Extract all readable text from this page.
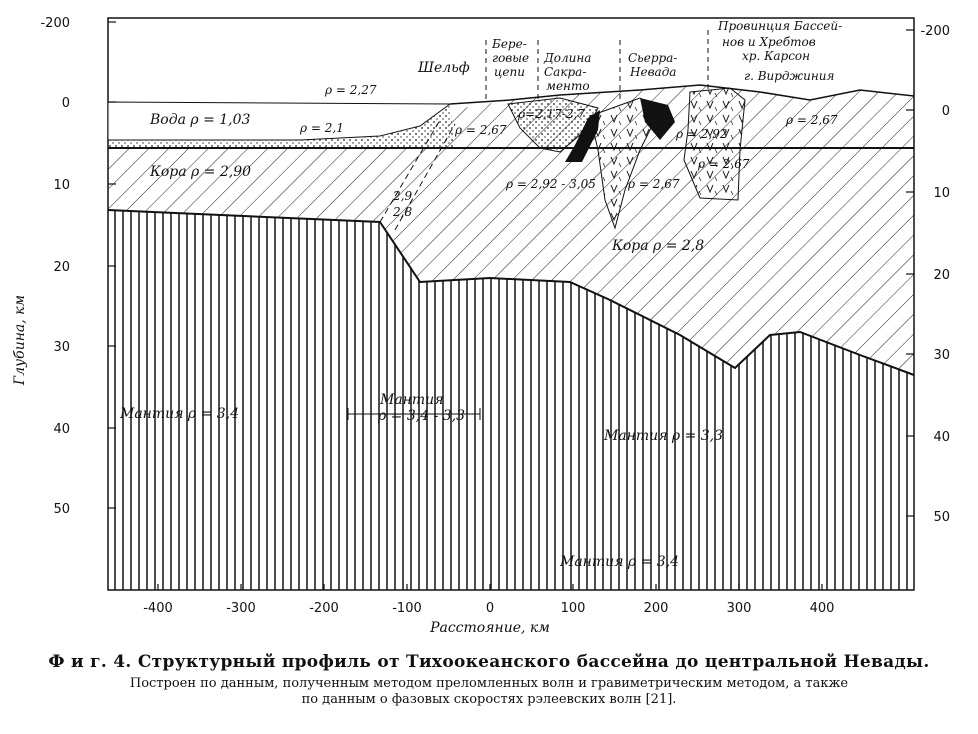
-400	-300	-200	-100	0	100	200	300	400
-200
0
10
20
30
40
50
-200
0
10
20
30
40
50
Расстояние, км
Глубина, км
Шельф
Бере-
говые
цепи
Долина
Сакра-
менто
Сьерра-
Невада
Провинция Бассей-
нов и Хребтов
хр. Карсон
г. Вирджиния
Вода ρ = 1,03
ρ = 2,27
ρ = 2,1	ρ = 2,67
ρ=2,17-2,7
ρ = 2,92
ρ = 2,67
ρ = 2,67
Кора ρ = 2,90
2,9
2,8
ρ = 2,92 - 3,05	ρ = 2,67
Кора ρ = 2,8
Мантия ρ = 3,4
Мантия
ρ = 3,4 - 3,3
Мантия ρ = 3,3
Мантия ρ = 3,4
Ф и г. 4. Структурный профиль от Тихоокеанского бассейна до центральной Невады.
Построен по данным, полученным методом преломленных волн и гравиметрическим методом, а также
по данным о фазовых скоростях рэлеевских волн [21].
